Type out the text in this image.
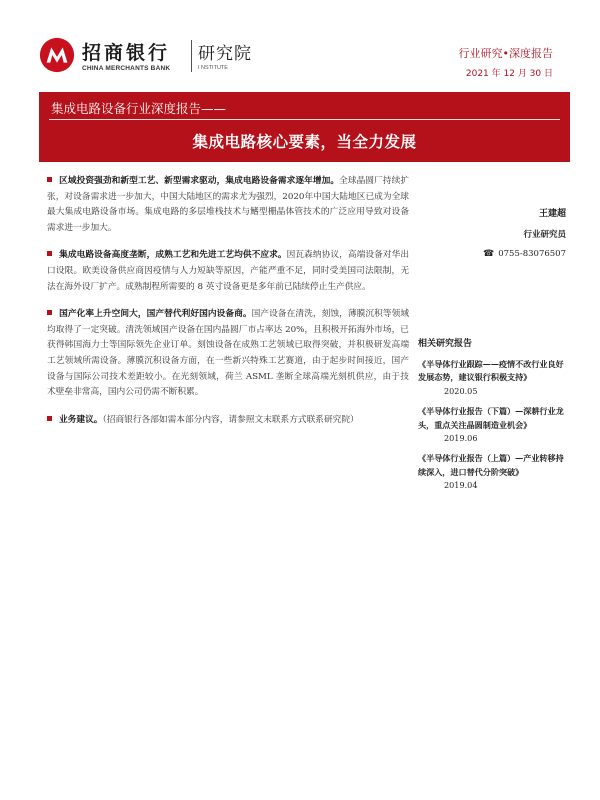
招商银行
CHINA MERCHANTS BANK
研究院
I NSTITUTE
行业研究•深度报告
2021 年 12 月 30 日
集成电路设备行业深度报告——
集成电路核心要素，当全力发展

区域投资强劲和新型工艺、新型需求驱动，集成电路设备需求逐年增加。全球晶圆厂持续扩张，对设备需求进一步加大，中国大陆地区的需求尤为强烈，2020年中国大陆地区已成为全球最大集成电路设备市场。集成电路的多层堆栈技术与鳍型栅晶体管技术的广泛应用导致对设备需求进一步加大。

集成电路设备高度垄断，成熟工艺和先进工艺均供不应求。因瓦森纳协议，高端设备对华出口设限。欧美设备供应商因疫情与人力短缺等原因，产能严重不足，同时受美国司法限制，无法在海外设厂扩产。成熟制程所需要的 8 英寸设备更是多年前已陆续停止生产供应。

国产化率上升空间大，国产替代利好国内设备商。国产设备在清洗，刻蚀，薄膜沉积等领域均取得了一定突破。清洗领域国产设备在国内晶圆厂市占率达 20%，且积极开拓海外市场，已获得韩国海力士等国际领先企业订单。刻蚀设备在成熟工艺领域已取得突破，并积极研发高端工艺领域所需设备。薄膜沉积设备方面，在一些新兴特殊工艺赛道，由于起步时间接近，国产设备与国际公司技术差距较小。在光刻领域，荷兰 ASML 垄断全球高端光刻机供应，由于技术壁垒非常高，国内公司仍需不断积累。

业务建议。（招商银行各部如需本部分内容，请参照文末联系方式联系研究院）

王建超
行业研究员
☎ 0755-83076507
相关研究报告
《半导体行业跟踪——疫情不改行业良好发展态势，建议银行积极支持》2020.05
《半导体行业报告（下篇）—深耕行业龙头，重点关注晶圆制造业机会》2019.06
《半导体行业报告（上篇）—产业转移持续深入，进口替代分阶突破》2019.04
